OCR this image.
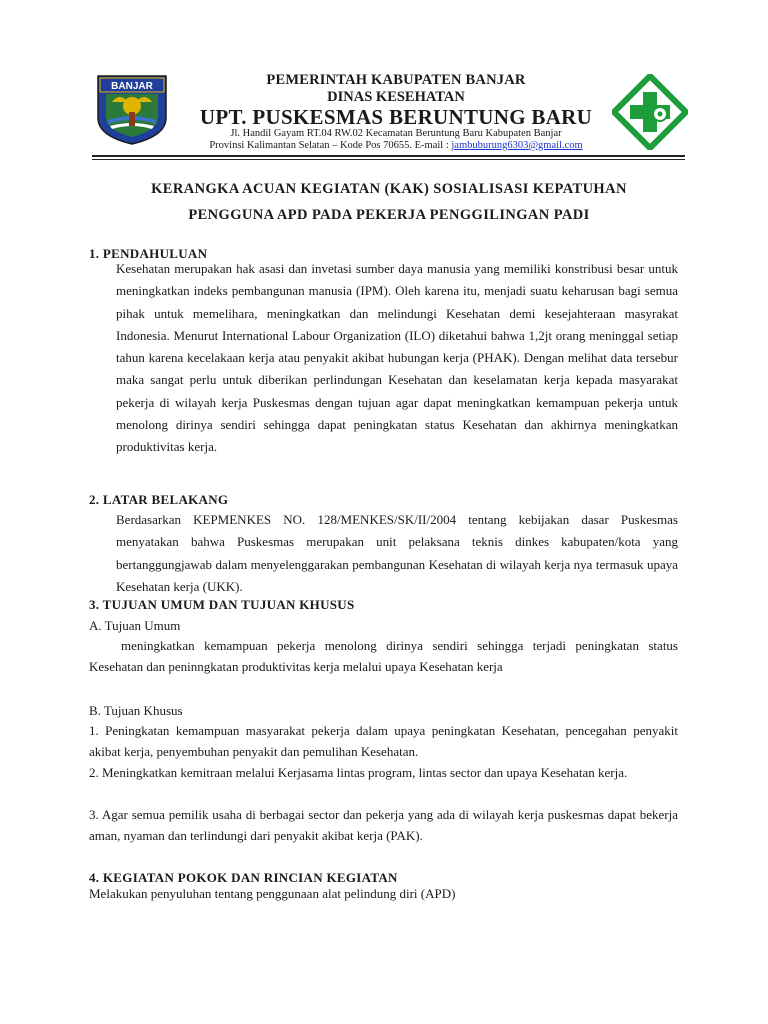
BANJAR	PEMERINTAH KABUPATEN BANJAR
DINAS KESEHATAN
UPT. PUSKESMAS BERUNTUNG BARU
Jl. Handil Gayam RT.04 RW.02 Kecamatan Beruntung Baru Kabupaten Banjar
Provinsi Kalimantan Selatan – Kode Pos 70655. E-mail : jambuburung6303@gmail.com
KERANGKA ACUAN KEGIATAN (KAK) SOSIALISASI KEPATUHAN
PENGGUNA APD PADA PEKERJA PENGGILINGAN PADI
1. PENDAHULUAN
Kesehatan merupakan hak asasi dan invetasi sumber daya manusia yang memiliki konstribusi besar untuk meningkatkan indeks pembangunan manusia (IPM). Oleh karena itu, menjadi suatu keharusan bagi semua pihak untuk memelihara, meningkatkan dan melindungi Kesehatan demi kesejahteraan masyrakat Indonesia. Menurut International Labour Organization (ILO) diketahui bahwa 1,2jt orang meninggal setiap tahun karena kecelakaan kerja atau penyakit akibat hubungan kerja (PHAK). Dengan melihat data tersebur maka sangat perlu untuk diberikan perlindungan Kesehatan dan keselamatan kerja kepada masyarakat pekerja di wilayah kerja Puskesmas dengan tujuan agar dapat meningkatkan kemampuan pekerja untuk menolong dirinya sendiri sehingga dapat peningkatan status Kesehatan dan akhirnya meningkatkan produktivitas kerja.
2. LATAR BELAKANG
Berdasarkan KEPMENKES NO. 128/MENKES/SK/II/2004 tentang kebijakan dasar Puskesmas menyatakan bahwa Puskesmas merupakan unit pelaksana teknis dinkes kabupaten/kota yang bertanggungjawab dalam menyelenggarakan pembangunan Kesehatan di wilayah kerja nya termasuk upaya Kesehatan kerja (UKK).
3. TUJUAN UMUM DAN TUJUAN KHUSUS
A. Tujuan Umum
meningkatkan kemampuan pekerja menolong dirinya sendiri sehingga terjadi peningkatan status Kesehatan dan peninngkatan produktivitas kerja melalui upaya Kesehatan kerja
B. Tujuan Khusus
1. Peningkatan kemampuan masyarakat pekerja dalam upaya peningkatan Kesehatan, pencegahan penyakit akibat kerja, penyembuhan penyakit dan pemulihan Kesehatan.
2. Meningkatkan kemitraan melalui Kerjasama lintas program, lintas sector dan upaya Kesehatan kerja.
3. Agar semua pemilik usaha di berbagai sector dan pekerja yang ada di wilayah kerja puskesmas dapat bekerja aman, nyaman dan terlindungi dari penyakit akibat kerja (PAK).
4. KEGIATAN POKOK DAN RINCIAN KEGIATAN
Melakukan penyuluhan tentang penggunaan alat pelindung diri (APD)
